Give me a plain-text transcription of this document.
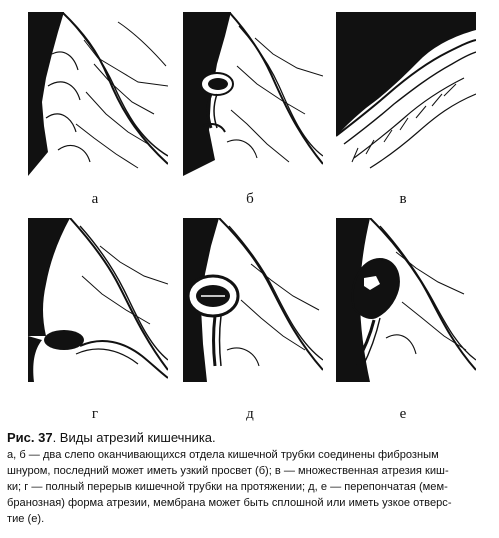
а	б	в
г	д	е
Рис. 37. Виды атрезий кишечника.
а, б — два слепо оканчивающихся отдела кишечной трубки соединены фиброзным
шнуром, последний может иметь узкий просвет (б); в — множественная атрезия киш-
ки; г — полный перерыв кишечной трубки на протяжении; д, е — перепончатая (мем-
бранозная) форма атрезии, мембрана может быть сплошной или иметь узкое отверс-
тие (е).
